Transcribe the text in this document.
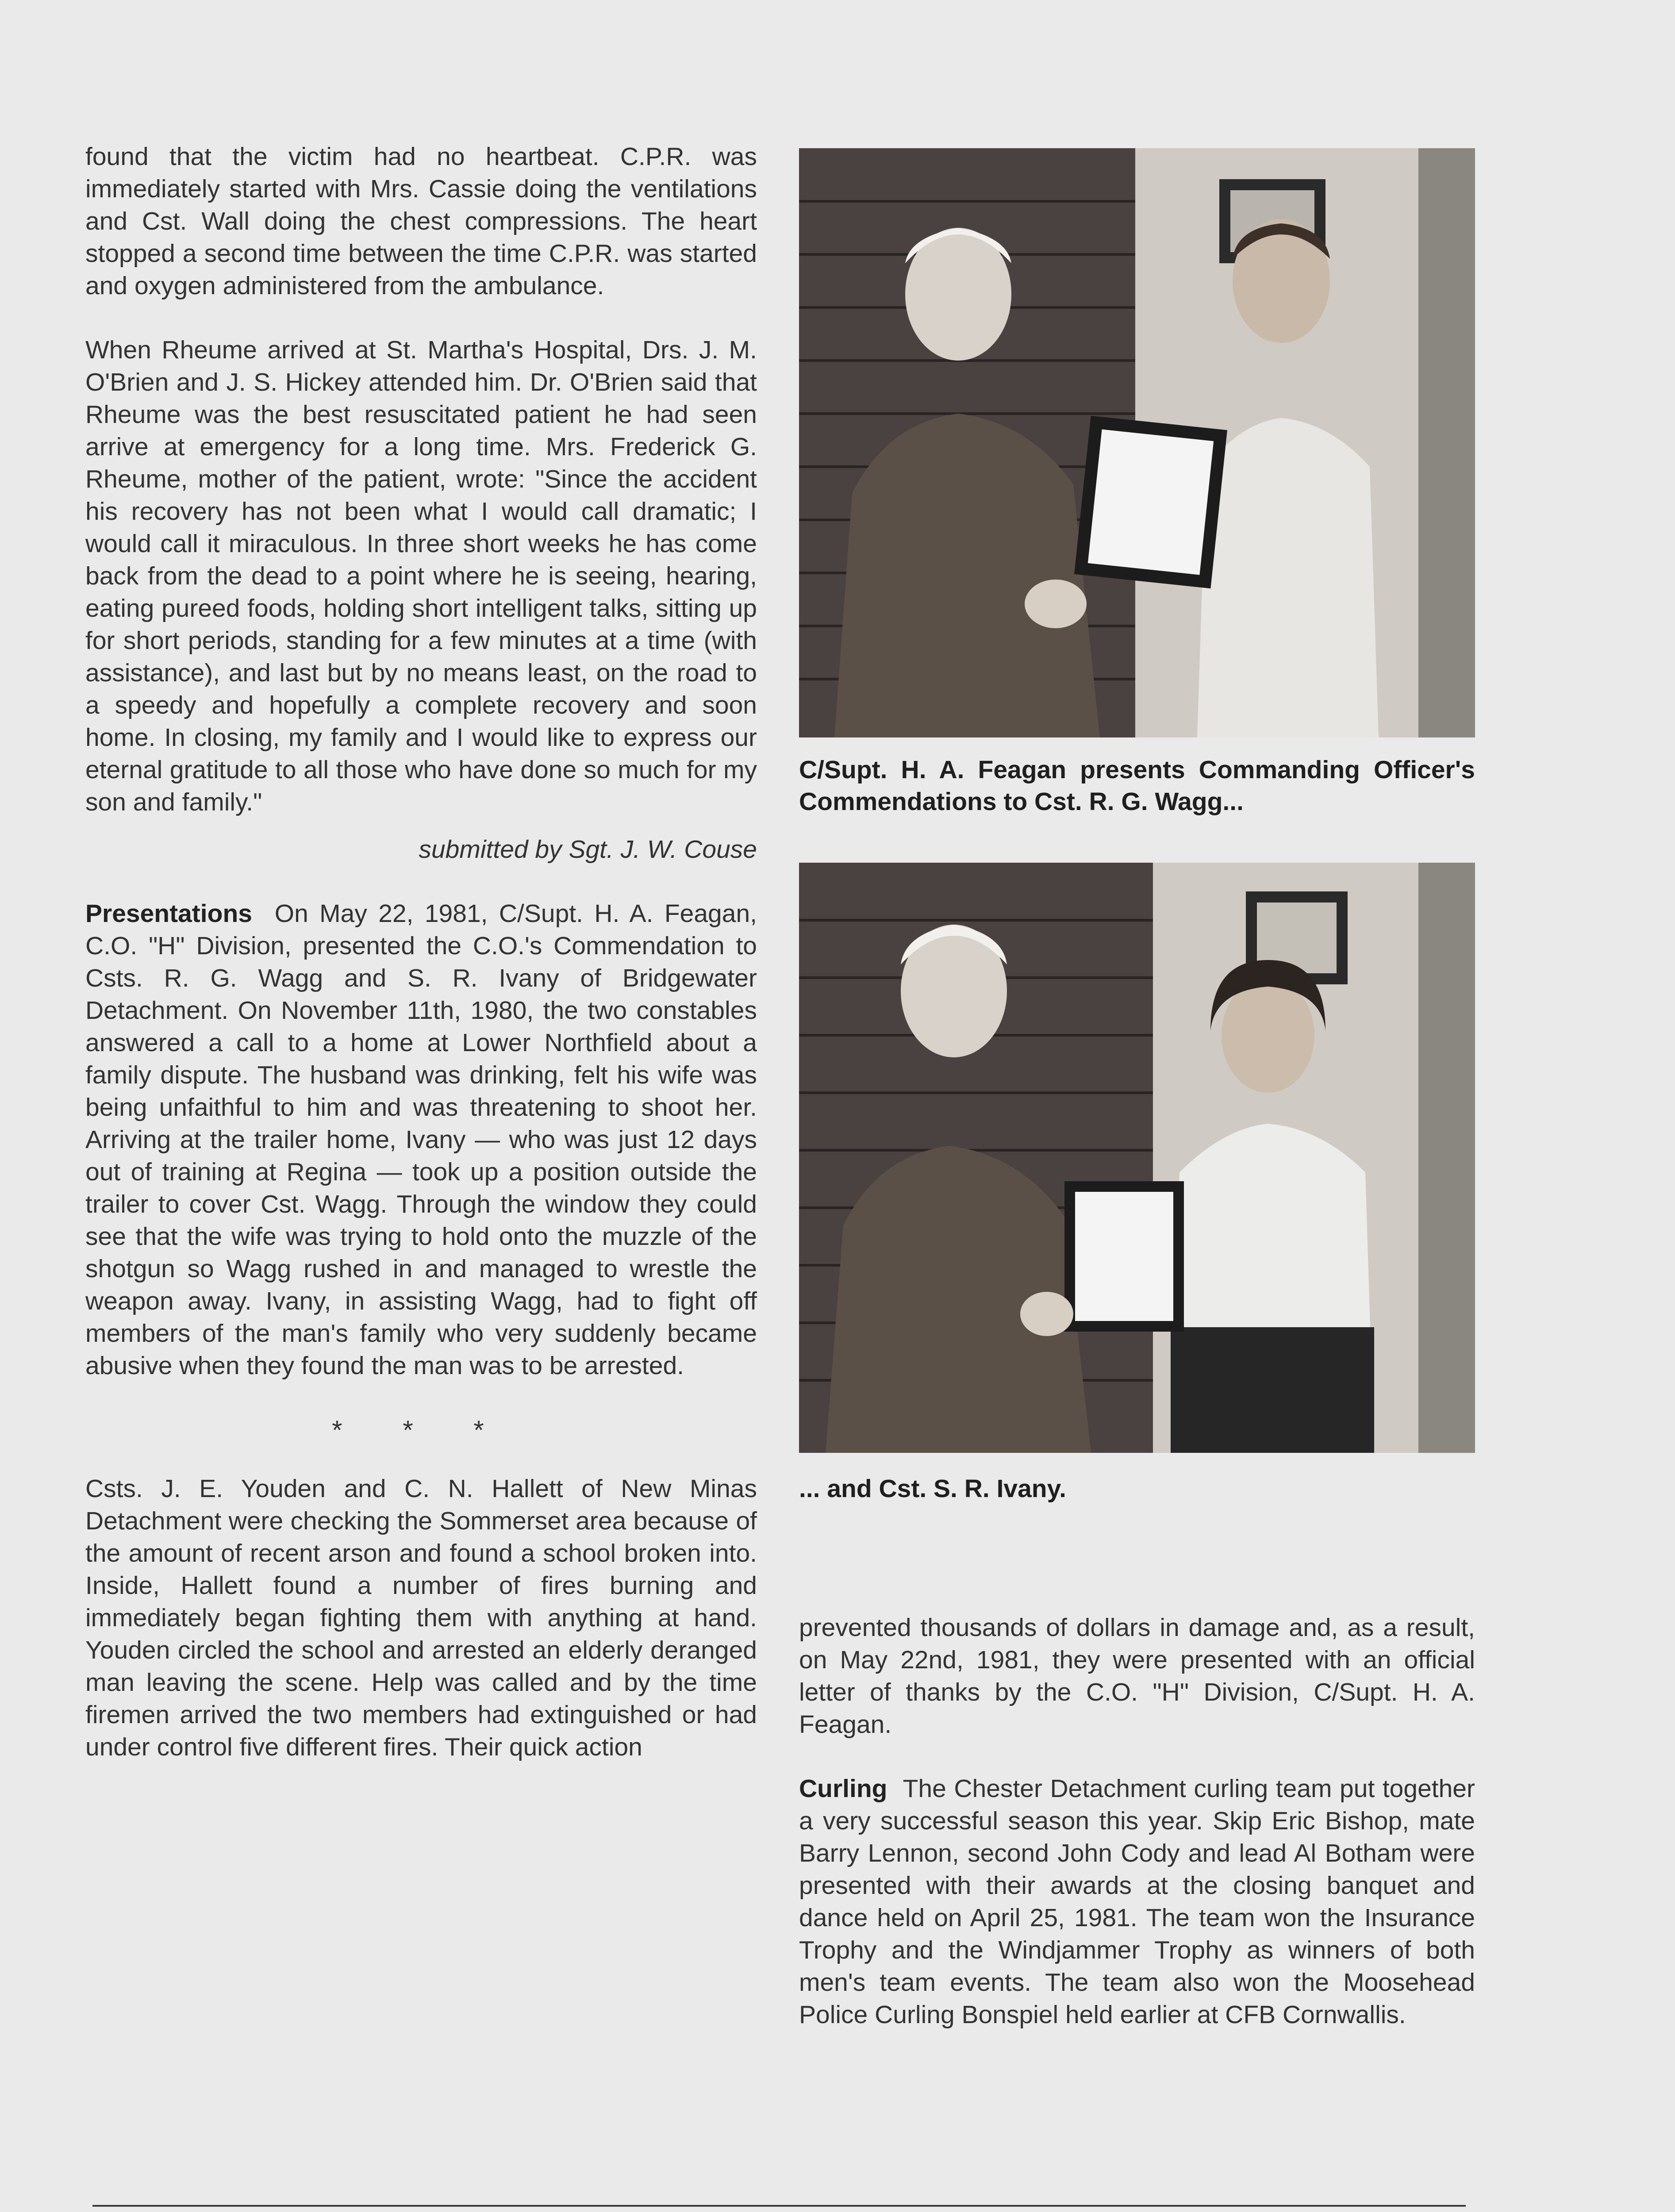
found that the victim had no heartbeat. C.P.R. was immediately started with Mrs. Cassie doing the ventilations and Cst. Wall doing the chest compressions. The heart stopped a second time between the time C.P.R. was started and oxygen administered from the ambulance.

When Rheume arrived at St. Martha's Hospital, Drs. J. M. O'Brien and J. S. Hickey attended him. Dr. O'Brien said that Rheume was the best resuscitated patient he had seen arrive at emergency for a long time. Mrs. Frederick G. Rheume, mother of the patient, wrote: "Since the accident his recovery has not been what I would call dramatic; I would call it miraculous. In three short weeks he has come back from the dead to a point where he is seeing, hearing, eating pureed foods, holding short intelligent talks, sitting up for short periods, standing for a few minutes at a time (with assistance), and last but by no means least, on the road to a speedy and hopefully a complete recovery and soon home. In closing, my family and I would like to express our eternal gratitude to all those who have done so much for my son and family."

submitted by Sgt. J. W. Couse

Presentations On May 22, 1981, C/Supt. H. A. Feagan, C.O. "H" Division, presented the C.O.'s Commendation to Csts. R. G. Wagg and S. R. Ivany of Bridgewater Detachment. On November 11th, 1980, the two constables answered a call to a home at Lower Northfield about a family dispute. The husband was drinking, felt his wife was being unfaithful to him and was threatening to shoot her. Arriving at the trailer home, Ivany — who was just 12 days out of training at Regina — took up a position outside the trailer to cover Cst. Wagg. Through the window they could see that the wife was trying to hold onto the muzzle of the shotgun so Wagg rushed in and managed to wrestle the weapon away. Ivany, in assisting Wagg, had to fight off members of the man's family who very suddenly became abusive when they found the man was to be arrested.

* * *

Csts. J. E. Youden and C. N. Hallett of New Minas Detachment were checking the Sommerset area because of the amount of recent arson and found a school broken into. Inside, Hallett found a number of fires burning and immediately began fighting them with anything at hand. Youden circled the school and arrested an elderly deranged man leaving the scene. Help was called and by the time firemen arrived the two members had extinguished or had under control five different fires. Their quick action

C/Supt. H. A. Feagan presents Commanding Officer's Commendations to Cst. R. G. Wagg...
... and Cst. S. R. Ivany.

prevented thousands of dollars in damage and, as a result, on May 22nd, 1981, they were presented with an official letter of thanks by the C.O. "H" Division, C/Supt. H. A. Feagan.

Curling The Chester Detachment curling team put together a very successful season this year. Skip Eric Bishop, mate Barry Lennon, second John Cody and lead Al Botham were presented with their awards at the closing banquet and dance held on April 25, 1981. The team won the Insurance Trophy and the Windjammer Trophy as winners of both men's team events. The team also won the Moosehead Police Curling Bonspiel held earlier at CFB Cornwallis.
